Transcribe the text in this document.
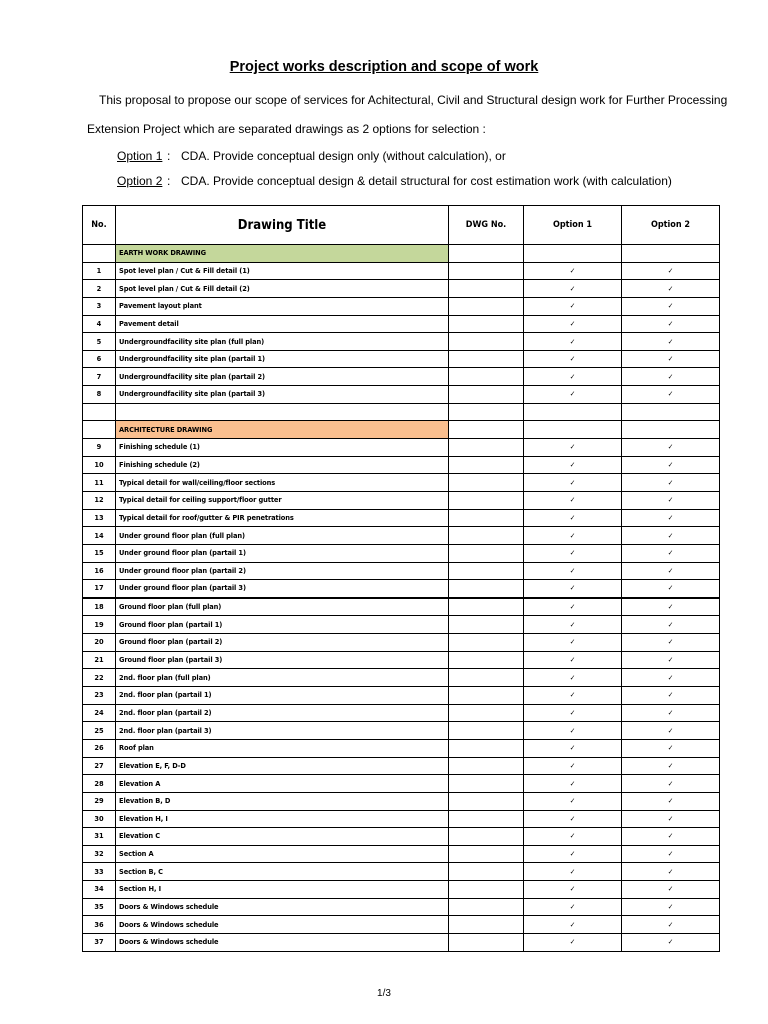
Project works description and scope of work
This proposal to propose our scope of services for Achitectural, Civil and Structural design work for Further Processing
Extension Project which are separated drawings as 2 options for selection :
Option 1 : CDA. Provide conceptual design only (without calculation), or
Option 2 : CDA. Provide conceptual design & detail structural for cost estimation work (with calculation)
No.	Drawing Title	DWG No.	Option 1	Option 2
	EARTH WORK DRAWING			
1	Spot level plan / Cut & Fill detail (1)		✓	✓
2	Spot level plan / Cut & Fill detail (2)		✓	✓
3	Pavement layout plant		✓	✓
4	Pavement detail		✓	✓
5	Undergroundfacility site plan (full plan)		✓	✓
6	Undergroundfacility site plan (partail 1)		✓	✓
7	Undergroundfacility site plan (partail 2)		✓	✓
8	Undergroundfacility site plan (partail 3)		✓	✓

	ARCHITECTURE DRAWING			
9	Finishing schedule (1)		✓	✓
10	Finishing schedule (2)		✓	✓
11	Typical detail for wall/ceiling/floor sections		✓	✓
12	Typical detail for ceiling support/floor gutter		✓	✓
13	Typical detail for roof/gutter & PIR penetrations		✓	✓
14	Under ground floor plan (full plan)		✓	✓
15	Under ground floor plan (partail 1)		✓	✓
16	Under ground floor plan (partail 2)		✓	✓
17	Under ground floor plan (partail 3)		✓	✓
18	Ground floor plan (full plan)		✓	✓
19	Ground floor plan (partail 1)		✓	✓
20	Ground floor plan (partail 2)		✓	✓
21	Ground floor plan (partail 3)		✓	✓
22	2nd. floor plan (full plan)		✓	✓
23	2nd. floor plan (partail 1)		✓	✓
24	2nd. floor plan (partail 2)		✓	✓
25	2nd. floor plan (partail 3)		✓	✓
26	Roof plan		✓	✓
27	Elevation E, F, D-D		✓	✓
28	Elevation A		✓	✓
29	Elevation B, D		✓	✓
30	Elevation H, I		✓	✓
31	Elevation C		✓	✓
32	Section A		✓	✓
33	Section B, C		✓	✓
34	Section H, I		✓	✓
35	Doors & Windows schedule		✓	✓
36	Doors & Windows schedule		✓	✓
37	Doors & Windows schedule		✓	✓
1/3
